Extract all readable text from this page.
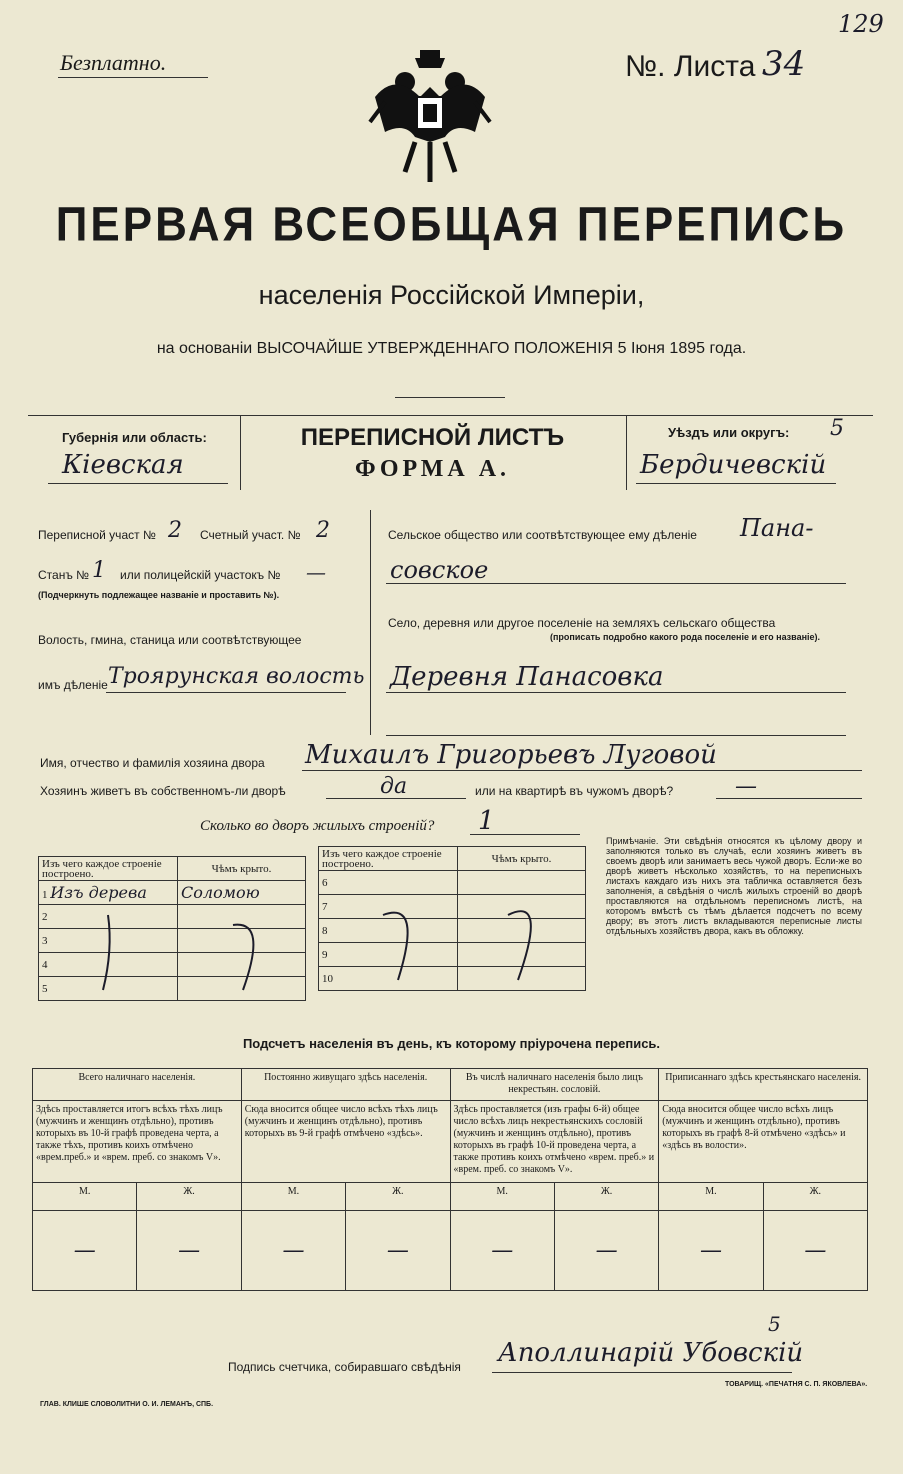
Безплатно.	№. Листа 34
129
ПЕРВАЯ ВСЕОБЩАЯ ПЕРЕПИСЬ
населенія Россійской Имперіи,
на основаніи ВЫСОЧАЙШЕ УТВЕРЖДЕННАГО ПОЛОЖЕНІЯ 5 Іюня 1895 года.
ПЕРЕПИСНОЙ ЛИСТЪ
ФОРМА А.
Губернія или область:
Кіевская
Уѣздъ или округъ: 5
Бердичевскій
Переписной участ № 2 Счетный участ. № 2
Станъ № 1 или полицейскій участокъ № —
(Подчеркнуть подлежащее названіе и проставить №).
Волость, гмина, станица или соотвѣтствующее
имъ дѣленіе Троярунская волость
Сельское общество или соотвѣтствующее ему дѣленіе Пана-
совское
Село, деревня или другое поселеніе на земляхъ сельскаго общества
(прописать подробно какого рода поселеніе и его названіе).
Деревня Панасовка
Имя, отчество и фамилія хозяина двора Михаилъ Григорьевъ Луговой
Хозяинъ живетъ въ собственномъ-ли дворѣ	да	или на квартирѣ въ чужомъ дворѣ?	—
Сколько во дворъ жилыхъ строеній? 1
Изъ чего каждое строеніе построено.	Чѣмъ крыто.
1 Изъ дерева	Соломою
2	
3	
4	
5	
Изъ чего каждое строеніе построено.	Чѣмъ крыто.
6	
7	
8	
9	
10	
Примѣчаніе. Эти свѣдѣнія относятся къ цѣлому двору и заполняются только въ случаѣ, если хозяинъ живетъ въ своемъ дворѣ или занимаетъ весь чужой дворъ. Если-же во дворѣ живетъ нѣсколько хозяйствъ, то на переписныхъ листахъ каждаго изъ нихъ эта табличка оставляется безъ заполненія, а свѣдѣнія о числѣ жилыхъ строеній во дворѣ проставляются на отдѣльномъ переписномъ листѣ, на которомъ вмѣстѣ съ тѣмъ дѣлается подсчетъ по всему двору; въ этотъ листъ вкладываются переписные листы отдѣльныхъ хозяйствъ двора, какъ въ обложку.
Подсчетъ населенія въ день, къ которому пріурочена перепись.
Всего наличнаго населенія.		Постоянно живущаго здѣсь населенія.		Въ числѣ наличнаго населенія было лицъ некрестьян. сословій.		Приписаннаго здѣсь крестьянскаго населенія.	
Здѣсь проставляется итогъ всѣхъ тѣхъ лицъ (мужчинъ и женщинъ отдѣльно), противъ которыхъ въ 10-й графѣ проведена черта, а также тѣхъ, противъ коихъ отмѣчено «врем.преб.» и «врем. преб. со знакомъ V».		Сюда вносится общее число всѣхъ тѣхъ лицъ (мужчинъ и женщинъ отдѣльно), противъ которыхъ въ 9-й графѣ отмѣчено «здѣсь».		Здѣсь проставляется (изъ графы 6-й) общее число всѣхъ лицъ некрестьянскихъ сословій (мужчинъ и женщинъ отдѣльно), противъ которыхъ въ графѣ 10-й проведена черта, а также противъ коихъ отмѣчено «врем. преб.» и «врем. преб. со знакомъ V».		Сюда вносится общее число всѣхъ лицъ (мужчинъ и женщинъ отдѣльно), противъ которыхъ въ графѣ 8-й отмѣчено «здѣсь» и «здѣсь въ волости».	
М.	Ж.	М.	Ж.	М.	Ж.	М.	Ж.
—	—	—	—	—	—	—	—
Подпись счетчика, собиравшаго свѣдѣнія Аполлинарій Убовскій
5
ГЛАВ. КЛИШЕ СЛОВОЛИТНИ О. И. ЛЕМАНЪ, СПБ.
ТОВАРИЩ. «ПЕЧАТНЯ С. П. ЯКОВЛЕВА».
